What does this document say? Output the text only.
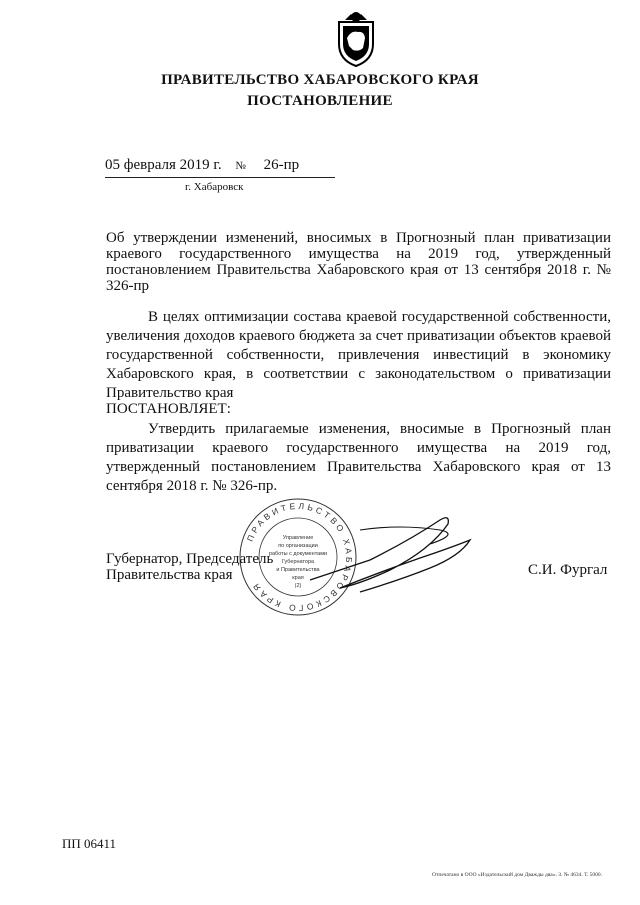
ПРАВИТЕЛЬСТВО ХАБАРОВСКОГО КРАЯ
ПОСТАНОВЛЕНИЕ
05 февраля 2019 г. № 26-пр
г. Хабаровск
Об утверждении изменений, вносимых в Прогнозный план приватизации краевого государственного имущества на 2019 год, утвержденный постановлением Правительства Хабаровского края от 13 сентября 2018 г. № 326-пр
В целях оптимизации состава краевой государственной собственности, увеличения доходов краевого бюджета за счет приватизации объектов краевой государственной собственности, привлечения инвестиций в экономику Хабаровского края, в соответствии с законодательством о приватизации Правительство края
ПОСТАНОВЛЯЕТ:
Утвердить прилагаемые изменения, вносимые в Прогнозный план приватизации краевого государственного имущества на 2019 год, утвержденный постановлением Правительства Хабаровского края от 13 сентября 2018 г. № 326-пр.
ПРАВИТЕЛЬСТВО ХАБАРОВСКОГО КРАЯ
Управление
по организации
работы с документами
Губернатора
и Правительства
края
(2)
Губернатор, Председатель
Правительства края	С.И. Фургал
ПП 06411
Отпечатано в ООО «Издательский дом Дважды два». З. № 4634. Т. 5000.
